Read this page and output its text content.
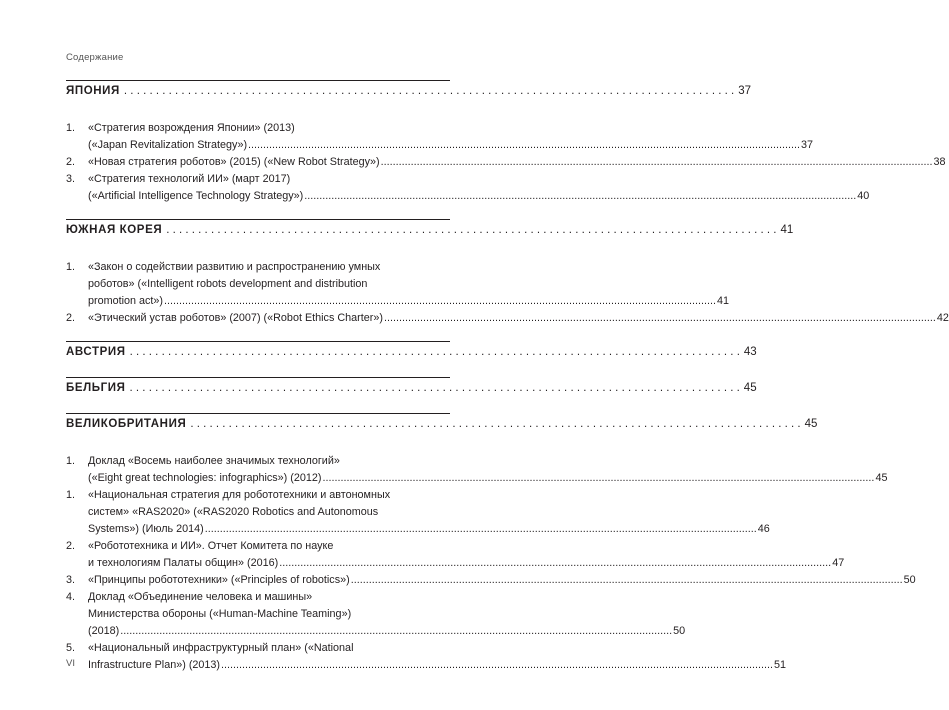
Содержание
ЯПОНИЯ . . .	37
1.	«Стратегия возрождения Японии» (2013)
(«Japan Revitalization Strategy») .....	37
2.	«Новая стратегия роботов» (2015) («New Robot Strategy») .....	38
3.	«Стратегия технологий ИИ» (март 2017)
(«Artificial Intelligence Technology Strategy») .....	40
ЮЖНАЯ КОРЕЯ . . .	41
1.	«Закон о содействии развитию и распространению умных
роботов» («Intelligent robots development and distribution
promotion act») .....	41
2.	«Этический устав роботов» (2007) («Robot Ethics Charter») .....	42
АВСТРИЯ . . .	43
БЕЛЬГИЯ . . .	45
ВЕЛИКОБРИТАНИЯ . . .	45
1.	Доклад «Восемь наиболее значимых технологий»
(«Eight great technologies: infographics») (2012) .....	45
1.	«Национальная стратегия для робототехники и автономных
систем» «RAS2020» («RAS2020 Robotics and Autonomous
Systems») (Июль 2014) .....	46
2.	«Робототехника и ИИ». Отчет Комитета по науке
и технологиям Палаты общин» (2016) .....	47
3.	«Принципы робототехники» («Principles of robotics») .....	50
4.	Доклад «Объединение человека и машины»
Министерства обороны («Human-Machine Teaming»)
(2018) .....	50
5.	«Национальный инфраструктурный план» («National
Infrastructure Plan») (2013) .....	51
VI
